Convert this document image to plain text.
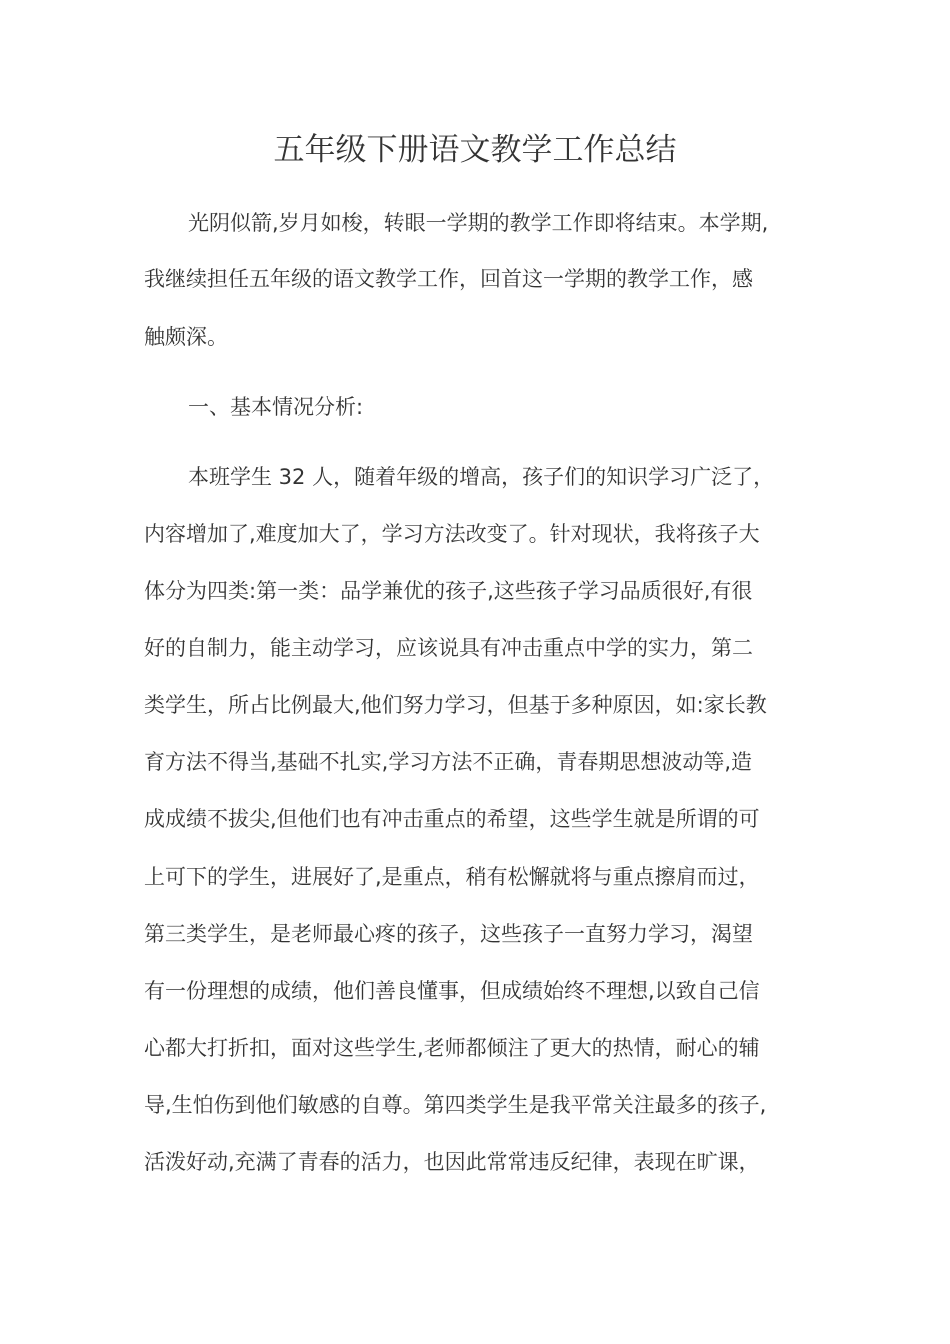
五年级下册语文教学工作总结
光阴似箭,岁月如梭，转眼一学期的教学工作即将结束。本学期,
我继续担任五年级的语文教学工作，回首这一学期的教学工作，感
触颇深。
一、基本情况分析:
本班学生 32 人，随着年级的增高，孩子们的知识学习广泛了，
内容增加了,难度加大了，学习方法改变了。针对现状，我将孩子大
体分为四类:第一类：品学兼优的孩子,这些孩子学习品质很好,有很
好的自制力，能主动学习，应该说具有冲击重点中学的实力，第二
类学生，所占比例最大,他们努力学习，但基于多种原因，如:家长教
育方法不得当,基础不扎实,学习方法不正确，青春期思想波动等,造
成成绩不拔尖,但他们也有冲击重点的希望，这些学生就是所谓的可
上可下的学生，进展好了,是重点，稍有松懈就将与重点擦肩而过，
第三类学生，是老师最心疼的孩子，这些孩子一直努力学习，渴望
有一份理想的成绩，他们善良懂事，但成绩始终不理想,以致自己信
心都大打折扣，面对这些学生,老师都倾注了更大的热情，耐心的辅
导,生怕伤到他们敏感的自尊。第四类学生是我平常关注最多的孩子,
活泼好动,充满了青春的活力，也因此常常违反纪律，表现在旷课，
